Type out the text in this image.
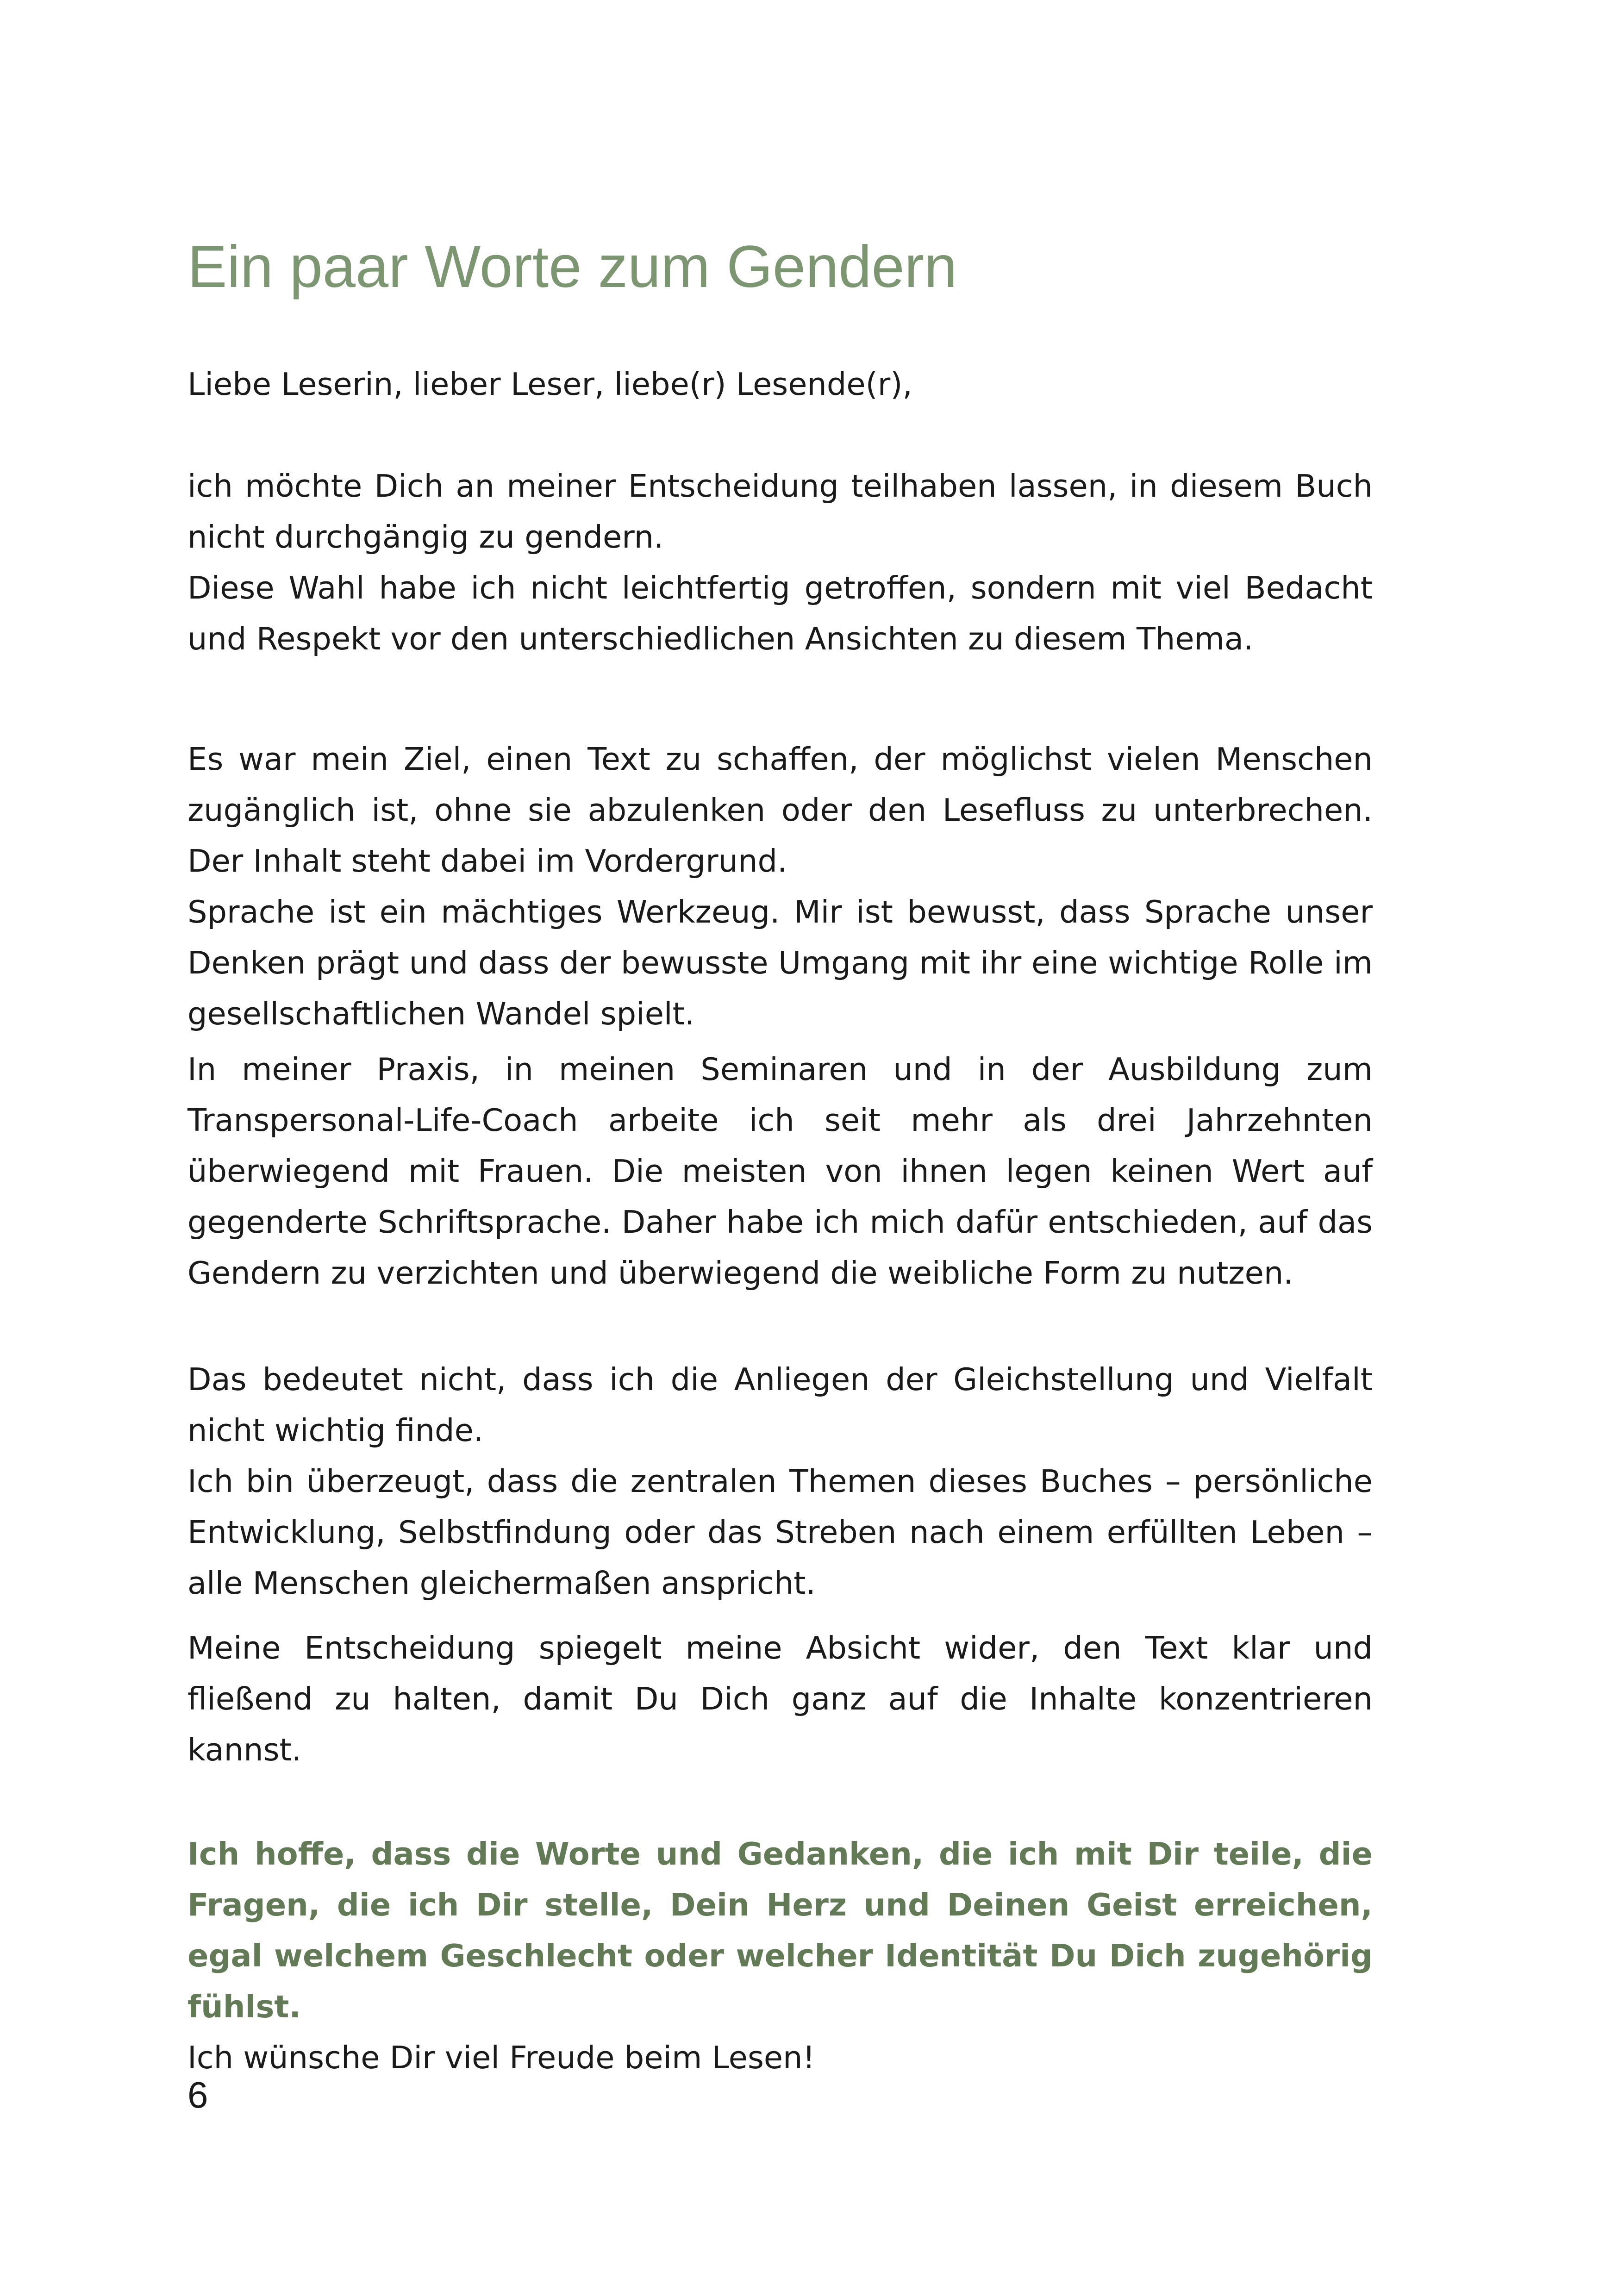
Ein paar Worte zum Gendern

Liebe Leserin, lieber Leser, liebe(r) Lesende(r),

ich möchte Dich an meiner Entscheidung teilhaben lassen, in diesem Buch nicht durchgängig zu gendern.

Diese Wahl habe ich nicht leichtfertig getroffen, sondern mit viel Bedacht und Respekt vor den unterschiedlichen Ansichten zu diesem Thema.

Es war mein Ziel, einen Text zu schaffen, der möglichst vielen Menschen zugänglich ist, ohne sie abzulenken oder den Lesefluss zu unterbrechen. Der Inhalt steht dabei im Vordergrund.

Sprache ist ein mächtiges Werkzeug. Mir ist bewusst, dass Sprache unser Denken prägt und dass der bewusste Umgang mit ihr eine wichtige Rolle im gesellschaftlichen Wandel spielt.

In meiner Praxis, in meinen Seminaren und in der Ausbildung zum Transpersonal-Life-Coach arbeite ich seit mehr als drei Jahrzehnten überwiegend mit Frauen. Die meisten von ihnen legen keinen Wert auf gegenderte Schriftsprache. Daher habe ich mich dafür entschieden, auf das Gendern zu verzichten und überwiegend die weibliche Form zu nutzen.

Das bedeutet nicht, dass ich die Anliegen der Gleichstellung und Vielfalt nicht wichtig finde.

Ich bin überzeugt, dass die zentralen Themen dieses Buches – persönliche Entwicklung, Selbstfindung oder das Streben nach einem erfüllten Leben – alle Menschen gleichermaßen anspricht.

Meine Entscheidung spiegelt meine Absicht wider, den Text klar und fließend zu halten, damit Du Dich ganz auf die Inhalte konzentrieren kannst.

Ich hoffe, dass die Worte und Gedanken, die ich mit Dir teile, die Fragen, die ich Dir stelle, Dein Herz und Deinen Geist erreichen, egal welchem Geschlecht oder welcher Identität Du Dich zugehörig fühlst.

Ich wünsche Dir viel Freude beim Lesen!

6
